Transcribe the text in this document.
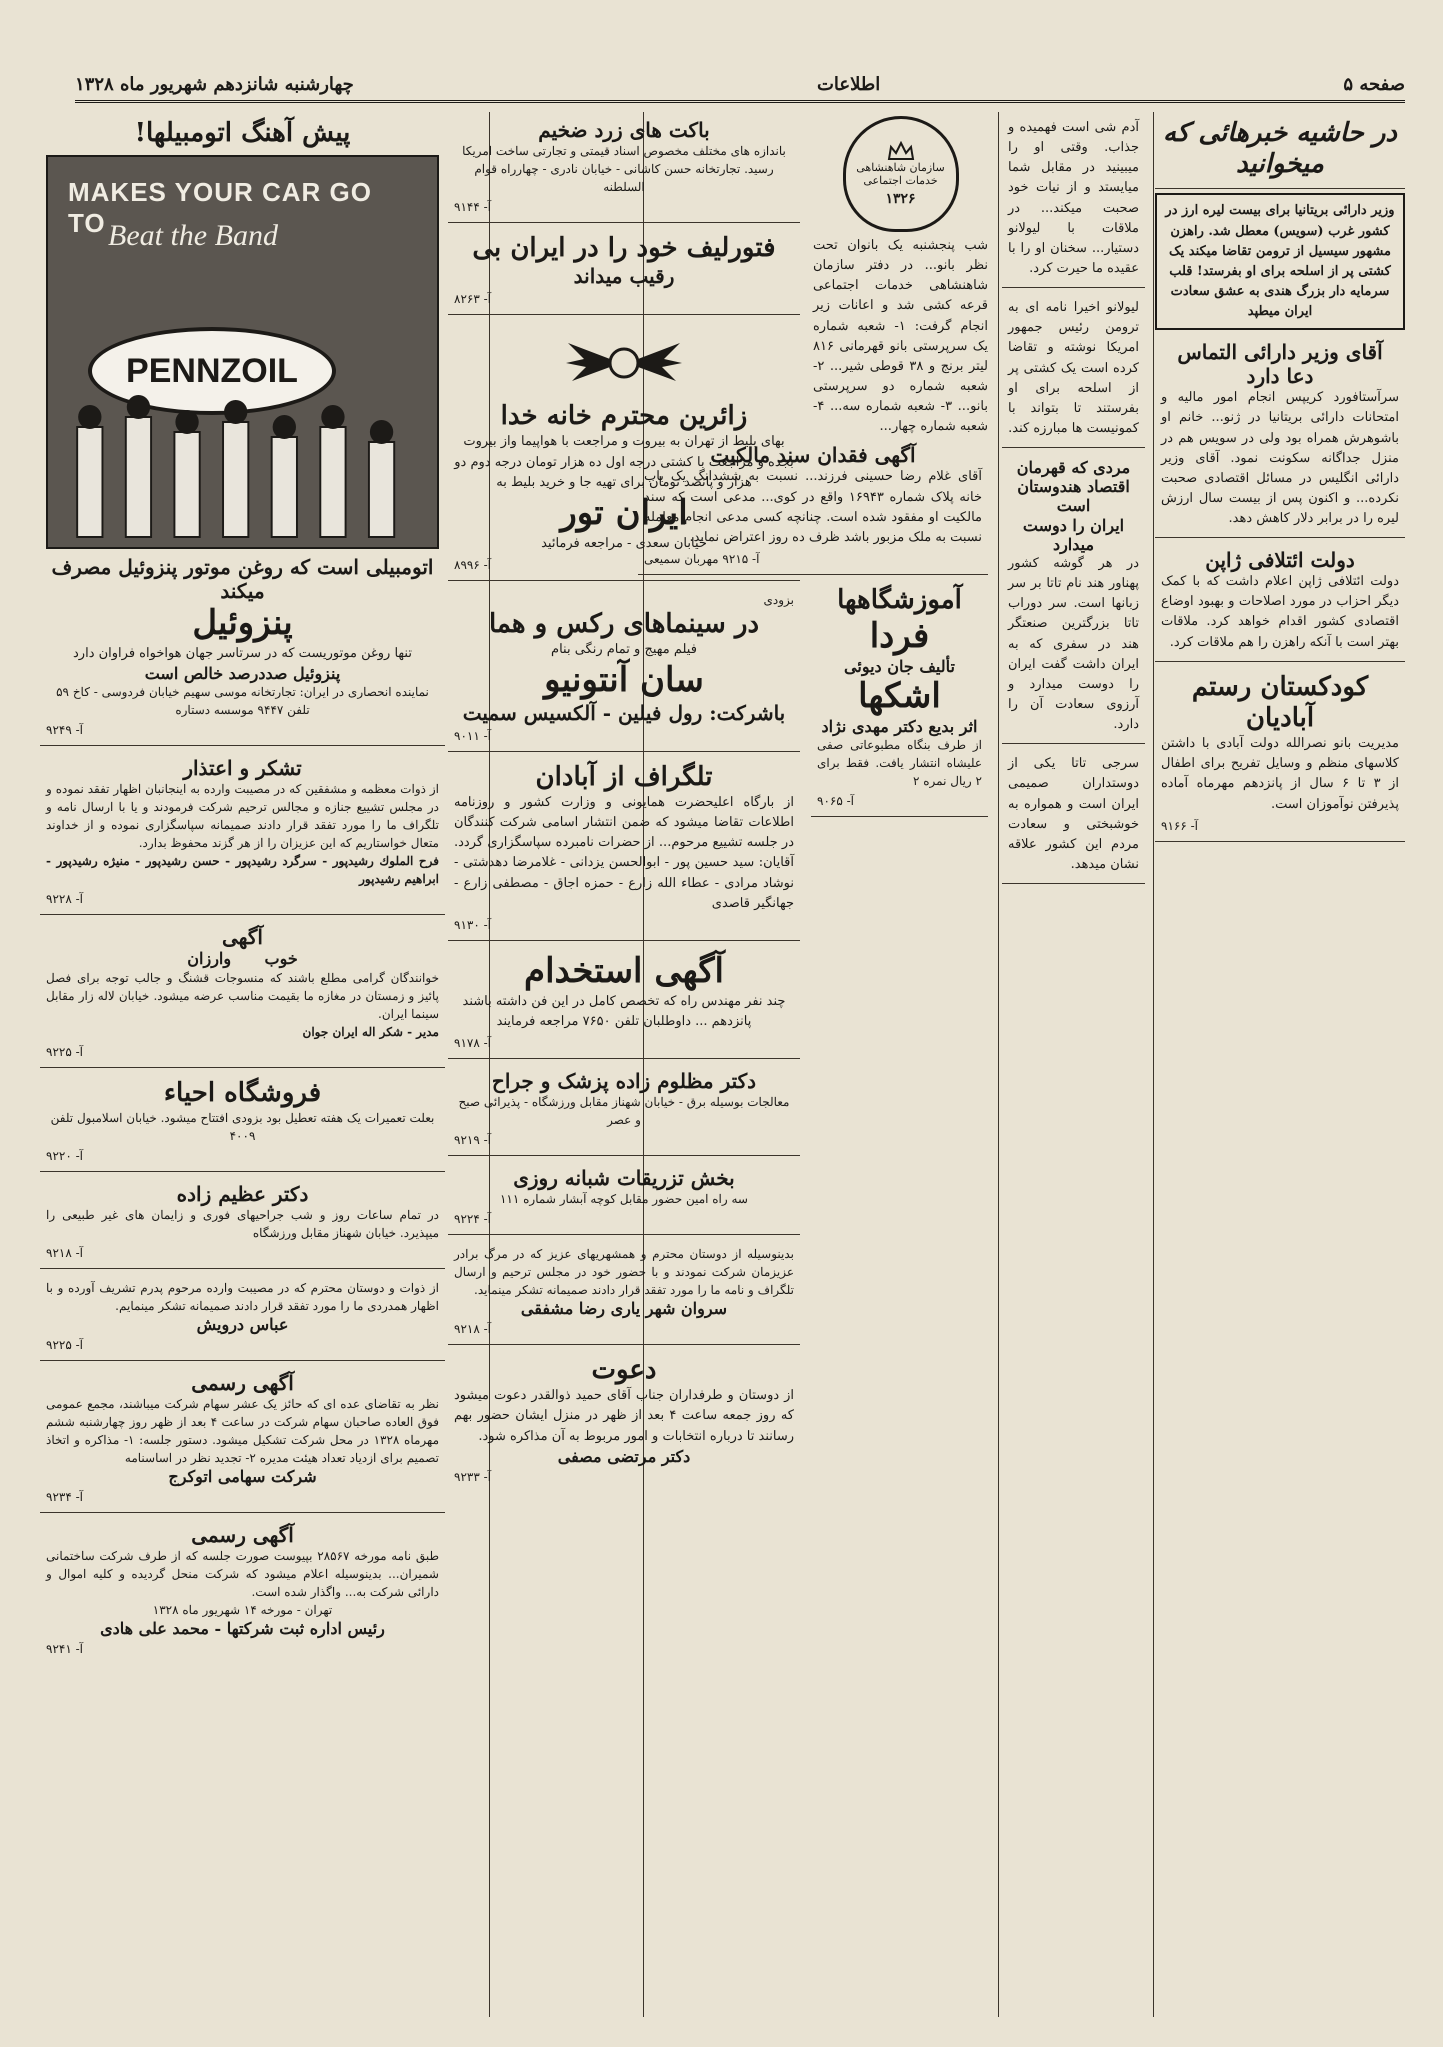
صفحه ۵
اطلاعات
چهارشنبه شانزدهم شهریور ماه ۱۳۲۸
در حاشیه خبرهائی که میخوانید
وزیر دارائی بریتانیا برای بیست لیره ارز در کشور غرب (سویس) معطل شد. راهزن مشهور سیسیل از ترومن تقاضا میکند یک کشتی پر از اسلحه برای او بفرستد! قلب سرمایه دار بزرگ هندی به عشق سعادت ایران میطپد
آقای وزیر دارائی التماس دعا دارد
سرآستافورد کریپس انجام امور مالیه و امتحانات دارائی بریتانیا در ژنو... خانم او باشوهرش همراه بود ولی در سویس هم در منزل جداگانه سکونت نمود. آقای وزیر دارائی انگلیس در مسائل اقتصادی صحبت نکرده... و اکنون پس از بیست سال ارزش لیره را در برابر دلار کاهش دهد.
دولت ائتلافی ژاپن
دولت ائتلافی ژاپن اعلام داشت که با کمک دیگر احزاب در مورد اصلاحات و بهبود اوضاع اقتصادی کشور اقدام خواهد کرد. ملاقات بهتر است با آنکه راهزن را هم ملاقات کرد.
کودکستان رستم آبادیان
مدیریت بانو نصرالله دولت آبادی با داشتن کلاسهای منظم و وسایل تفریح برای اطفال از ۳ تا ۶ سال از پانزدهم مهرماه آماده پذیرفتن نوآموزان است.
آ- ۹۱۶۶
آدم شی است فهمیده و جذاب. وقتی او را میبینید در مقابل شما میایستد و از نیات خود صحبت میکند... در ملاقات با لیولانو دستیار... سخنان او را با عقیده ما حیرت کرد.
لیولانو اخیرا نامه ای به ترومن رئیس جمهور امریکا نوشته و تقاضا کرده است یک کشتی پر از اسلحه برای او بفرستند تا بتواند با کمونیست ها مبارزه کند.
مردی که قهرمان اقتصاد هندوستان است
ایران را دوست میدارد
در هر گوشه کشور پهناور هند نام تاتا بر سر زبانها است. سر دوراب تاتا بزرگترین صنعتگر هند در سفری که به ایران داشت گفت ایران را دوست میدارد و آرزوی سعادت آن را دارد.
سرجی تاتا یکی از دوستداران صمیمی ایران است و همواره به خوشبختی و سعادت مردم این کشور علاقه نشان میدهد.
سازمان شاهنشاهی خدمات اجتماعی
۱۳۲۶
شب پنجشنبه یک بانوان تحت نظر بانو... در دفتر سازمان شاهنشاهی خدمات اجتماعی قرعه کشی شد و اعانات زیر انجام گرفت: ۱- شعبه شماره یک سرپرستی بانو قهرمانی ۸۱۶ لیتر برنج و ۳۸ قوطی شیر... ۲- شعبه شماره دو سرپرستی بانو... ۳- شعبه شماره سه... ۴- شعبه شماره چهار...
آگهی فقدان سند مالکیت
آقای غلام رضا حسینی فرزند... نسبت به ششدانگ یک باب خانه پلاک شماره ۱۶۹۴۳ واقع در کوی... مدعی است که سند مالکیت او مفقود شده است. چنانچه کسی مدعی انجام معامله نسبت به ملک مزبور باشد ظرف ده روز اعتراض نماید.
آ- ۹۲۱۵ مهربان سمیعی
آموزشگاهها
فردا
تألیف جان دیوئی
اشکها
اثر بدیع دکتر مهدی نژاد
از طرف بنگاه مطبوعاتی صفی علیشاه انتشار یافت. فقط برای ۲ ریال نمره ۲
آ- ۹۰۶۵
باکت های زرد ضخیم
باندازه های مختلف مخصوص اسناد قیمتی و تجارتی ساخت امریکا رسید. تجارتخانه حسن کاشانی - خیابان نادری - چهارراه قوام السلطنه
آ- ۹۱۴۴
فتورلیف خود را در ایران بی
رقیب میداند
آ- ۸۲۶۳
زائرین محترم خانه خدا
بهای بلیط از تهران به بیروت و مراجعت با هواپیما واز بیروت بجده و مراجعت با کشتی درجه اول ده هزار تومان درجه دوم دو هزار و پانصد تومان برای تهیه جا و خرید بلیط به
ایران تور
خیابان سعدی - مراجعه فرمائید
آ- ۸۹۹۶
بزودی
در سینماهای رکس و هما
فیلم مهیج و تمام رنگی بنام
سان آنتونیو
باشرکت: رول فیلین - آلکسیس سمیت
آ- ۹۰۱۱
تلگراف از آبادان
از بارگاه اعلیحضرت همایونی و وزارت کشور و روزنامه اطلاعات تقاضا میشود که ضمن انتشار اسامی شرکت کنندگان در جلسه تشییع مرحوم... از حضرات نامبرده سپاسگزاری گردد. آقایان: سید حسین پور - ابوالحسن یزدانی - غلامرضا دهدشتی - نوشاد مرادی - عطاء الله زارع - حمزه اجاق - مصطفی زارع - جهانگیر قاصدی
آ- ۹۱۳۰
آگهی استخدام
چند نفر مهندس راه که تخصص کامل در این فن داشته باشند پانزدهم ... داوطلبان تلفن ۷۶۵۰ مراجعه فرمایند
آ- ۹۱۷۸
دکتر مظلوم زاده پزشک و جراح
معالجات بوسیله برق - خیابان شهناز مقابل ورزشگاه - پذیرائی صبح و عصر
آ- ۹۲۱۹
بخش تزریقات شبانه روزی
سه راه امین حضور مقابل کوچه آبشار شماره ۱۱۱
آ- ۹۲۲۴
بدینوسیله از دوستان محترم و همشهریهای عزیز که در مرگ برادر عزیزمان شرکت نمودند و با حضور خود در مجلس ترحیم و ارسال تلگراف و نامه ما را مورد تفقد قرار دادند صمیمانه تشکر مینماید.
سروان شهر یاری رضا مشفقی
آ- ۹۲۱۸
دعوت
از دوستان و طرفداران جناب آقای حمید ذوالقدر دعوت میشود که روز جمعه ساعت ۴ بعد از ظهر در منزل ایشان حضور بهم رسانند تا درباره انتخابات و امور مربوط به آن مذاکره شود.
دکتر مرتضی مصفی
آ- ۹۲۳۳
پیش آهنگ اتومبیلها!
MAKES YOUR CAR GO TO Beat the Band
PENNZOIL
اتومبیلی است که روغن موتور پنزوئیل مصرف میکند
پنزوئیل
تنها روغن موتوریست که در سرتاسر جهان هواخواه فراوان دارد
پنزوئیل صددرصد خالص است
نماینده انحصاری در ایران: تجارتخانه موسی سهیم خیابان فردوسی - کاخ ۵۹ تلفن ۹۴۴۷ موسسه دستاره
آ- ۹۲۴۹
تشکر و اعتذار
از ذوات معظمه و مشفقین که در مصیبت وارده به اینجانبان اظهار تفقد نموده و در مجلس تشییع جنازه و مجالس ترحیم شرکت فرمودند و یا با ارسال نامه و تلگراف ما را مورد تفقد قرار دادند صمیمانه سپاسگزاری نموده و از خداوند متعال خواستاریم که این عزیزان را از هر گزند محفوظ بدارد.
فرح الملوك رشيدپور - سرگرد رشيدپور - حسن رشيدپور - منيژه رشيدپور - ابراهيم رشيدپور
آ- ۹۲۲۸
آگهی
خوب      وارزان
خوانندگان گرامی مطلع باشند که منسوجات قشنگ و جالب توجه برای فصل پائیز و زمستان در مغازه ما بقیمت مناسب عرضه میشود. خیابان لاله زار مقابل سینما ایران.
مدیر - شکر اله ایران جوان
آ- ۹۲۲۵
فروشگاه احیاء
بعلت تعمیرات یک هفته تعطیل بود بزودی افتتاح میشود. خیابان اسلامبول تلفن ۴۰۰۹
آ- ۹۲۲۰
دکتر عظیم زاده
در تمام ساعات روز و شب جراحیهای فوری و زایمان های غیر طبیعی را میپذیرد. خیابان شهناز مقابل ورزشگاه
آ- ۹۲۱۸
از ذوات و دوستان محترم که در مصیبت وارده مرحوم پدرم تشریف آورده و با اظهار همدردی ما را مورد تفقد قرار دادند صمیمانه تشکر مینمایم.
عباس درویش
آ- ۹۲۲۵
آگهی رسمی
نظر به تقاضای عده ای که حائز یک عشر سهام شرکت میباشند، مجمع عمومی فوق العاده صاحبان سهام شرکت در ساعت ۴ بعد از ظهر روز چهارشنبه ششم مهرماه ۱۳۲۸ در محل شرکت تشکیل میشود. دستور جلسه: ۱- مذاکره و اتخاذ تصمیم برای ازدیاد تعداد هیئت مدیره ۲- تجدید نظر در اساسنامه
شرکت سهامی اتوکرج
آ- ۹۲۳۴
آگهی رسمی
طبق نامه مورخه ۲۸۵۶۷ بپیوست صورت جلسه که از طرف شرکت ساختمانی شمیران... بدینوسیله اعلام میشود که شرکت منحل گردیده و کلیه اموال و دارائی شرکت به... واگذار شده است.
تهران - مورخه ۱۴ شهریور ماه ۱۳۲۸
رئیس اداره ثبت شرکتها - محمد علی هادی
آ- ۹۲۴۱
